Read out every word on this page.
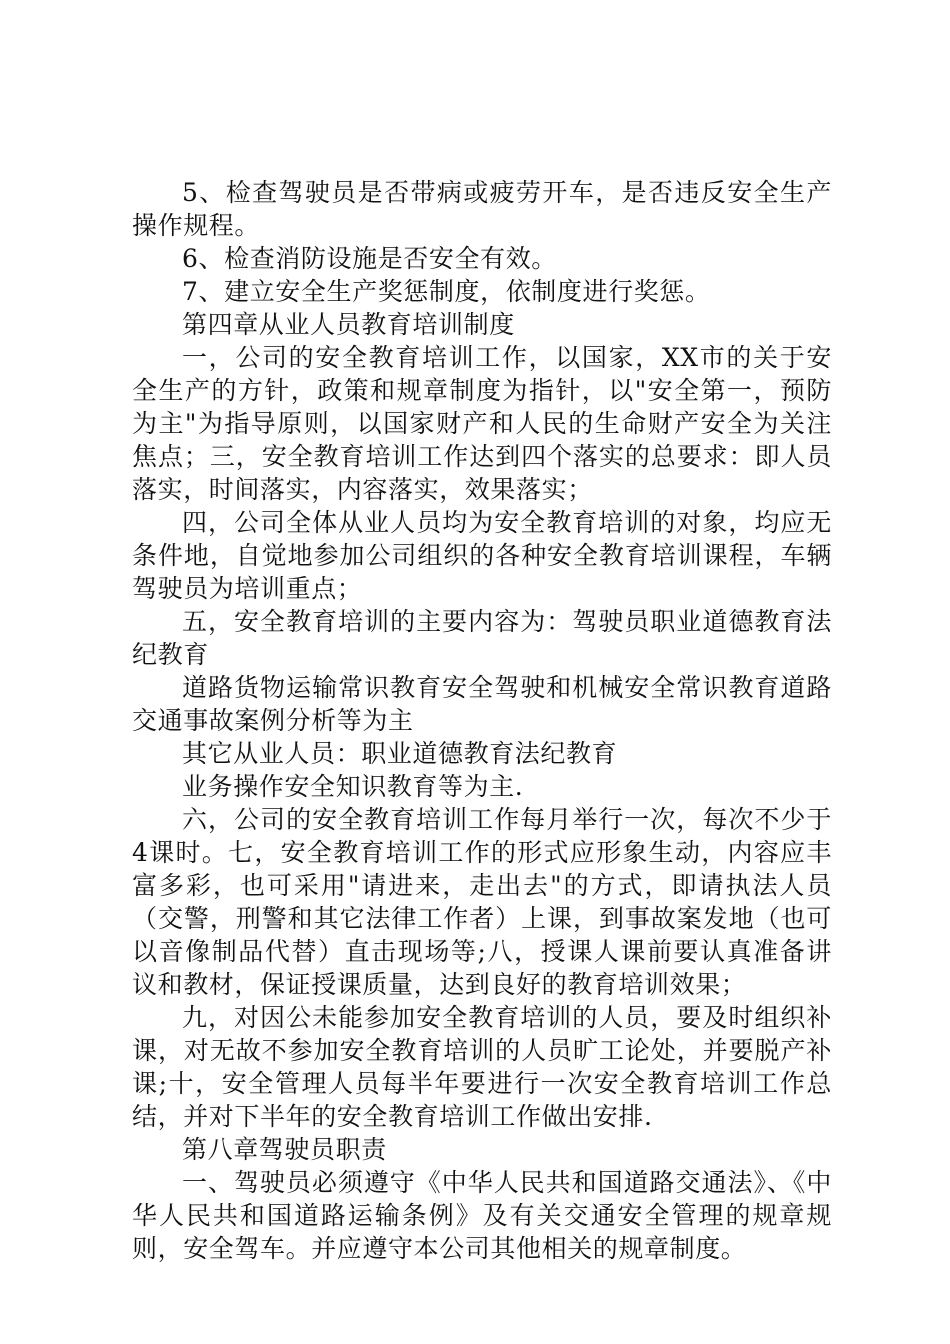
5、检查驾驶员是否带病或疲劳开车，是否违反安全生产操作规程。

6、检查消防设施是否安全有效。

7、建立安全生产奖惩制度，依制度进行奖惩。

第四章从业人员教育培训制度

一，公司的安全教育培训工作，以国家，XX市的关于安全生产的方针，政策和规章制度为指针，以"安全第一，预防为主"为指导原则，以国家财产和人民的生命财产安全为关注焦点；三，安全教育培训工作达到四个落实的总要求：即人员落实，时间落实，内容落实，效果落实；

四，公司全体从业人员均为安全教育培训的对象，均应无条件地，自觉地参加公司组织的各种安全教育培训课程，车辆驾驶员为培训重点；

五，安全教育培训的主要内容为：驾驶员职业道德教育法纪教育

道路货物运输常识教育安全驾驶和机械安全常识教育道路交通事故案例分析等为主

其它从业人员：职业道德教育法纪教育

业务操作安全知识教育等为主.

六，公司的安全教育培训工作每月举行一次，每次不少于4课时。七，安全教育培训工作的形式应形象生动，内容应丰富多彩，也可采用"请进来，走出去"的方式，即请执法人员（交警，刑警和其它法律工作者）上课，到事故案发地（也可以音像制品代替）直击现场等;八，授课人课前要认真准备讲议和教材，保证授课质量，达到良好的教育培训效果；

九，对因公未能参加安全教育培训的人员，要及时组织补课，对无故不参加安全教育培训的人员旷工论处，并要脱产补课;十，安全管理人员每半年要进行一次安全教育培训工作总结，并对下半年的安全教育培训工作做出安排.

第八章驾驶员职责

一、驾驶员必须遵守《中华人民共和国道路交通法》、《中华人民共和国道路运输条例》及有关交通安全管理的规章规则，安全驾车。并应遵守本公司其他相关的规章制度。
